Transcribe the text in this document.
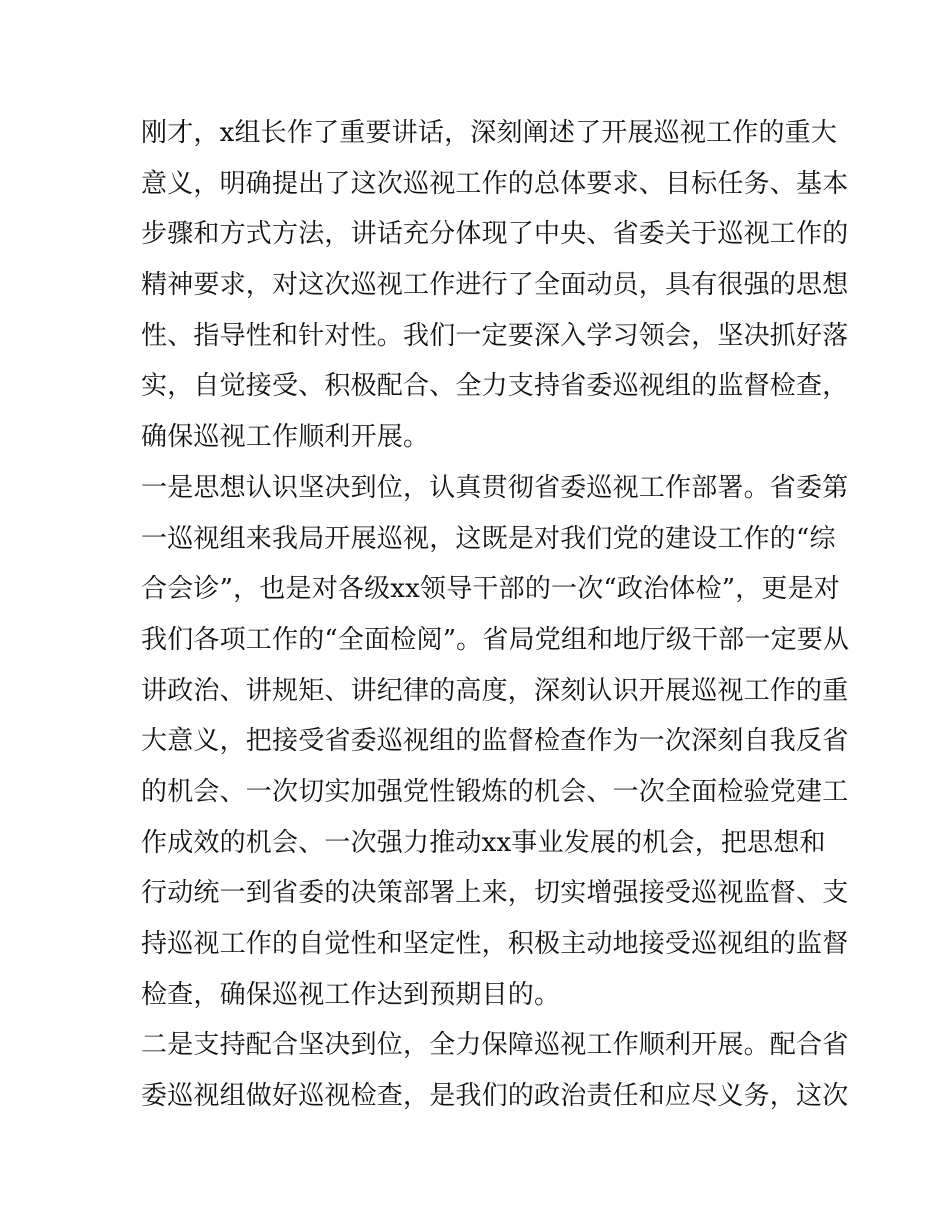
刚才，x组长作了重要讲话，深刻阐述了开展巡视工作的重大
意义，明确提出了这次巡视工作的总体要求、目标任务、基本
步骤和方式方法，讲话充分体现了中央、省委关于巡视工作的
精神要求，对这次巡视工作进行了全面动员，具有很强的思想
性、指导性和针对性。我们一定要深入学习领会，坚决抓好落
实，自觉接受、积极配合、全力支持省委巡视组的监督检查，
确保巡视工作顺利开展。
一是思想认识坚决到位，认真贯彻省委巡视工作部署。省委第
一巡视组来我局开展巡视，这既是对我们党的建设工作的“综
合会诊”，也是对各级xx领导干部的一次“政治体检”，更是对
我们各项工作的“全面检阅”。省局党组和地厅级干部一定要从
讲政治、讲规矩、讲纪律的高度，深刻认识开展巡视工作的重
大意义，把接受省委巡视组的监督检查作为一次深刻自我反省
的机会、一次切实加强党性锻炼的机会、一次全面检验党建工
作成效的机会、一次强力推动xx事业发展的机会，把思想和
行动统一到省委的决策部署上来，切实增强接受巡视监督、支
持巡视工作的自觉性和坚定性，积极主动地接受巡视组的监督
检查，确保巡视工作达到预期目的。
二是支持配合坚决到位，全力保障巡视工作顺利开展。配合省
委巡视组做好巡视检查，是我们的政治责任和应尽义务，这次
